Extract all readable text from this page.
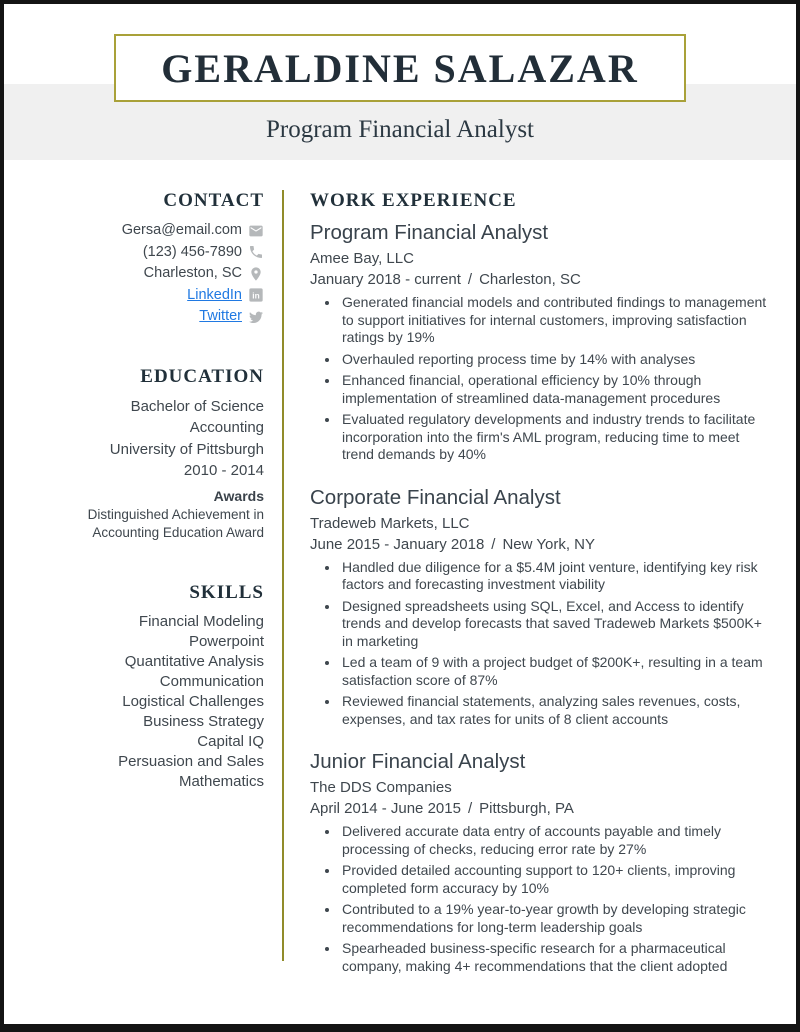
GERALDINE SALAZAR
Program Financial Analyst
CONTACT
Gersa@email.com
(123) 456-7890
Charleston, SC
LinkedIn in
Twitter
EDUCATION
Bachelor of Science
Accounting
University of Pittsburgh
2010 - 2014
Awards
Distinguished Achievement in Accounting Education Award
SKILLS
Financial Modeling
Powerpoint
Quantitative Analysis
Communication
Logistical Challenges
Business Strategy
Capital IQ
Persuasion and Sales
Mathematics
WORK EXPERIENCE
Program Financial Analyst
Amee Bay, LLC
January 2018 - current / Charleston, SC
• Generated financial models and contributed findings to management to support initiatives for internal customers, improving satisfaction ratings by 19%
• Overhauled reporting process time by 14% with analyses
• Enhanced financial, operational efficiency by 10% through implementation of streamlined data-management procedures
• Evaluated regulatory developments and industry trends to facilitate incorporation into the firm's AML program, reducing time to meet trend demands by 40%
Corporate Financial Analyst
Tradeweb Markets, LLC
June 2015 - January 2018 / New York, NY
• Handled due diligence for a $5.4M joint venture, identifying key risk factors and forecasting investment viability
• Designed spreadsheets using SQL, Excel, and Access to identify trends and develop forecasts that saved Tradeweb Markets $500K+ in marketing
• Led a team of 9 with a project budget of $200K+, resulting in a team satisfaction score of 87%
• Reviewed financial statements, analyzing sales revenues, costs, expenses, and tax rates for units of 8 client accounts
Junior Financial Analyst
The DDS Companies
April 2014 - June 2015 / Pittsburgh, PA
• Delivered accurate data entry of accounts payable and timely processing of checks, reducing error rate by 27%
• Provided detailed accounting support to 120+ clients, improving completed form accuracy by 10%
• Contributed to a 19% year-to-year growth by developing strategic recommendations for long-term leadership goals
• Spearheaded business-specific research for a pharmaceutical company, making 4+ recommendations that the client adopted
